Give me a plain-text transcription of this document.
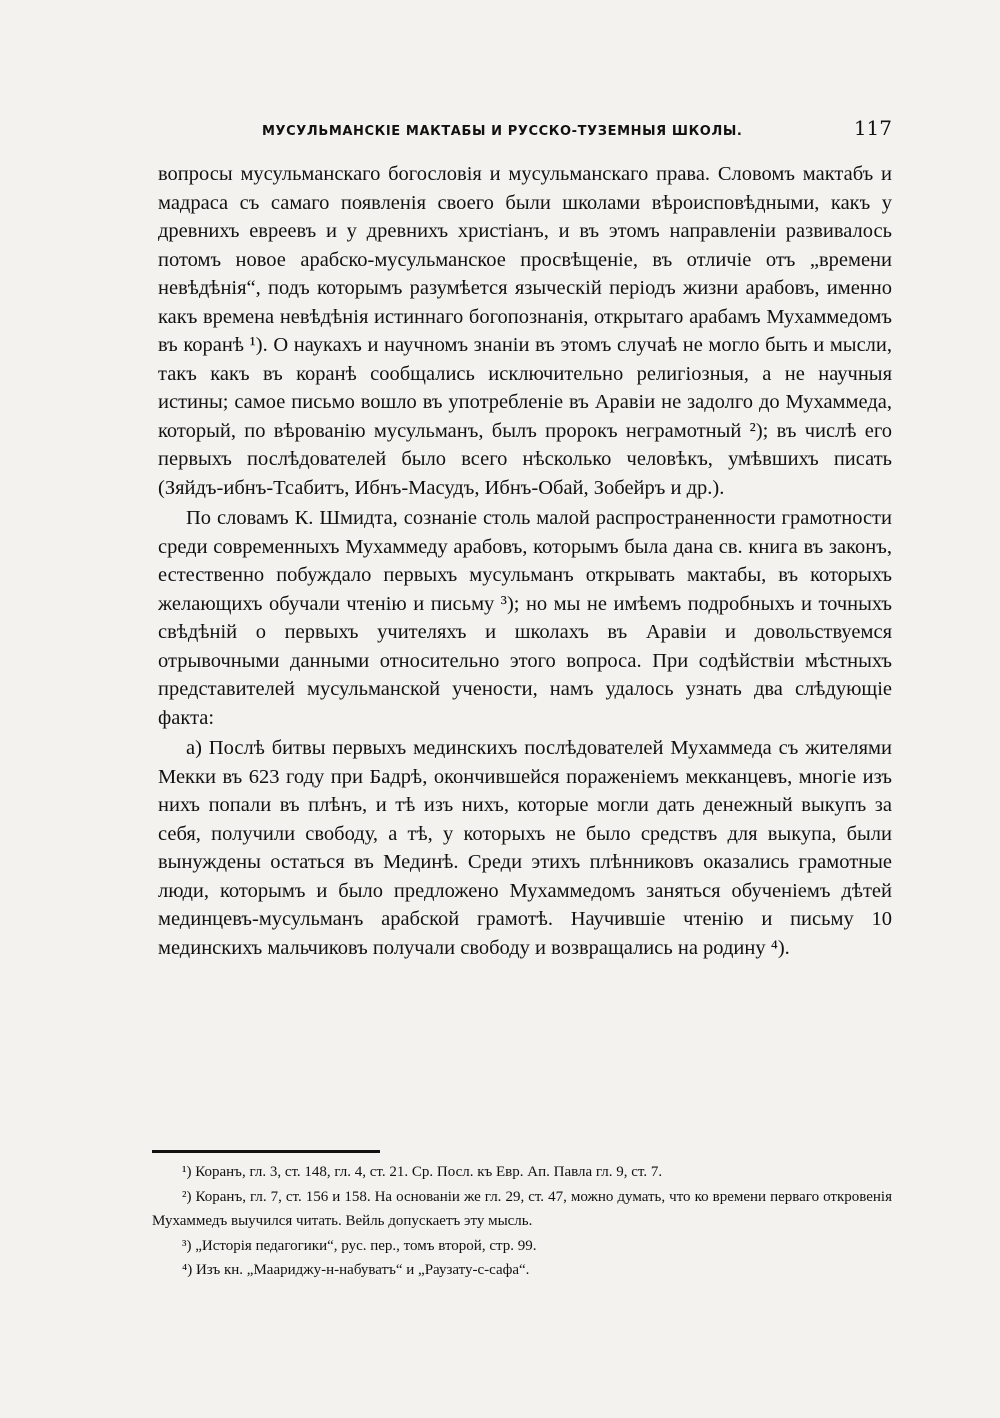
МУСУЛЬМАНСКІЕ МАКТАБЫ И РУССКО-ТУЗЕМНЫЯ ШКОЛЫ.	117

вопросы мусульманскаго богословія и мусульманскаго права. Словомъ мактабъ и мадраса съ самаго появленія своего были школами вѣроисповѣдными, какъ у древнихъ евреевъ и у древнихъ христіанъ, и въ этомъ направленіи развивалось потомъ новое арабско-мусульманское просвѣщеніе, въ отличіе отъ „времени невѣдѣнія“, подъ которымъ разумѣется языческій періодъ жизни арабовъ, именно какъ времена невѣдѣнія истиннаго богопознанія, открытаго арабамъ Мухаммедомъ въ коранѣ ¹). О наукахъ и научномъ знаніи въ этомъ случаѣ не могло быть и мысли, такъ какъ въ коранѣ сообщались исключительно религіозныя, а не научныя истины; самое письмо вошло въ употребленіе въ Аравіи не задолго до Мухаммеда, который, по вѣрованію мусульманъ, былъ пророкъ неграмотный ²); въ числѣ его первыхъ послѣдователей было всего нѣсколько человѣкъ, умѣвшихъ писать (Зяйдъ-ибнъ-Тсабитъ, Ибнъ-Масудъ, Ибнъ-Обай, Зобейръ и др.).

По словамъ К. Шмидта, сознаніе столь малой распространенности грамотности среди современныхъ Мухаммеду арабовъ, которымъ была дана св. книга въ законъ, естественно побуждало первыхъ мусульманъ открывать мактабы, въ которыхъ желающихъ обучали чтенію и письму ³); но мы не имѣемъ подробныхъ и точныхъ свѣдѣній о первыхъ учителяхъ и школахъ въ Аравіи и довольствуемся отрывочными данными относительно этого вопроса. При содѣйствіи мѣстныхъ представителей мусульманской учености, намъ удалось узнать два слѣдующіе факта:

а) Послѣ битвы первыхъ мединскихъ послѣдователей Мухаммеда съ жителями Мекки въ 623 году при Бадрѣ, окончившейся пораженіемъ мекканцевъ, многіе изъ нихъ попали въ плѣнъ, и тѣ изъ нихъ, которые могли дать денежный выкупъ за себя, получили свободу, а тѣ, у которыхъ не было средствъ для выкупа, были вынуждены остаться въ Мединѣ. Среди этихъ плѣнниковъ оказались грамотные люди, которымъ и было предложено Мухаммедомъ заняться обученіемъ дѣтей мединцевъ-мусульманъ арабской грамотѣ. Научившіе чтенію и письму 10 мединскихъ мальчиковъ получали свободу и возвращались на родину ⁴).

¹) Коранъ, гл. 3, ст. 148, гл. 4, ст. 21. Ср. Посл. къ Евр. Ап. Павла гл. 9, ст. 7.

²) Коранъ, гл. 7, ст. 156 и 158. На основаніи же гл. 29, ст. 47, можно думать, что ко времени перваго откровенія Мухаммедъ выучился читать. Вейль допускаетъ эту мысль.

³) „Исторія педагогики“, рус. пер., томъ второй, стр. 99.

⁴) Изъ кн. „Маариджу-н-набуватъ“ и „Раузату-с-сафа“.
